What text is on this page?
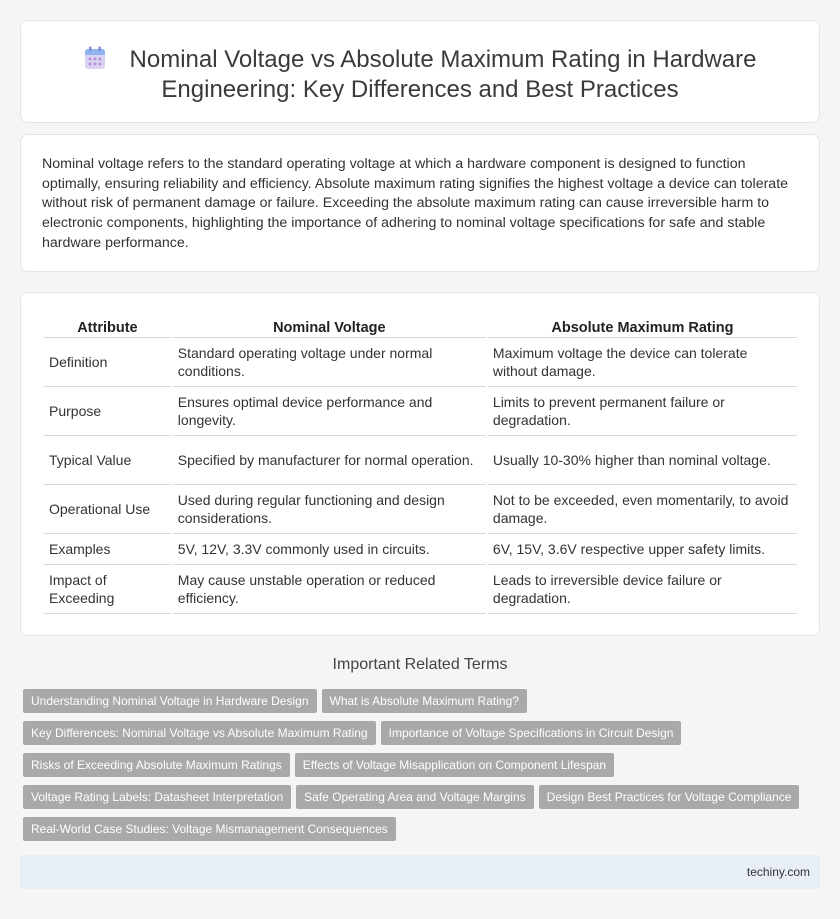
Nominal Voltage vs Absolute Maximum Rating in Hardware
Engineering: Key Differences and Best Practices

Nominal voltage refers to the standard operating voltage at which a hardware component is designed to function optimally, ensuring reliability and efficiency. Absolute maximum rating signifies the highest voltage a device can tolerate without risk of permanent damage or failure. Exceeding the absolute maximum rating can cause irreversible harm to electronic components, highlighting the importance of adhering to nominal voltage specifications for safe and stable hardware performance.

Attribute	Nominal Voltage	Absolute Maximum Rating
Definition	Standard operating voltage under normal conditions.	Maximum voltage the device can tolerate without damage.
Purpose	Ensures optimal device performance and longevity.	Limits to prevent permanent failure or degradation.
Typical Value	Specified by manufacturer for normal operation.	Usually 10-30% higher than nominal voltage.
Operational Use	Used during regular functioning and design considerations.	Not to be exceeded, even momentarily, to avoid damage.
Examples	5V, 12V, 3.3V commonly used in circuits.	6V, 15V, 3.6V respective upper safety limits.
Impact of Exceeding	May cause unstable operation or reduced efficiency.	Leads to irreversible device failure or degradation.
Important Related Terms
Understanding Nominal Voltage in Hardware Design What is Absolute Maximum Rating?
Key Differences: Nominal Voltage vs Absolute Maximum Rating Importance of Voltage Specifications in Circuit Design
Risks of Exceeding Absolute Maximum Ratings Effects of Voltage Misapplication on Component Lifespan
Voltage Rating Labels: Datasheet Interpretation Safe Operating Area and Voltage Margins Design Best Practices for Voltage Compliance
Real-World Case Studies: Voltage Mismanagement Consequences
techiny.com
